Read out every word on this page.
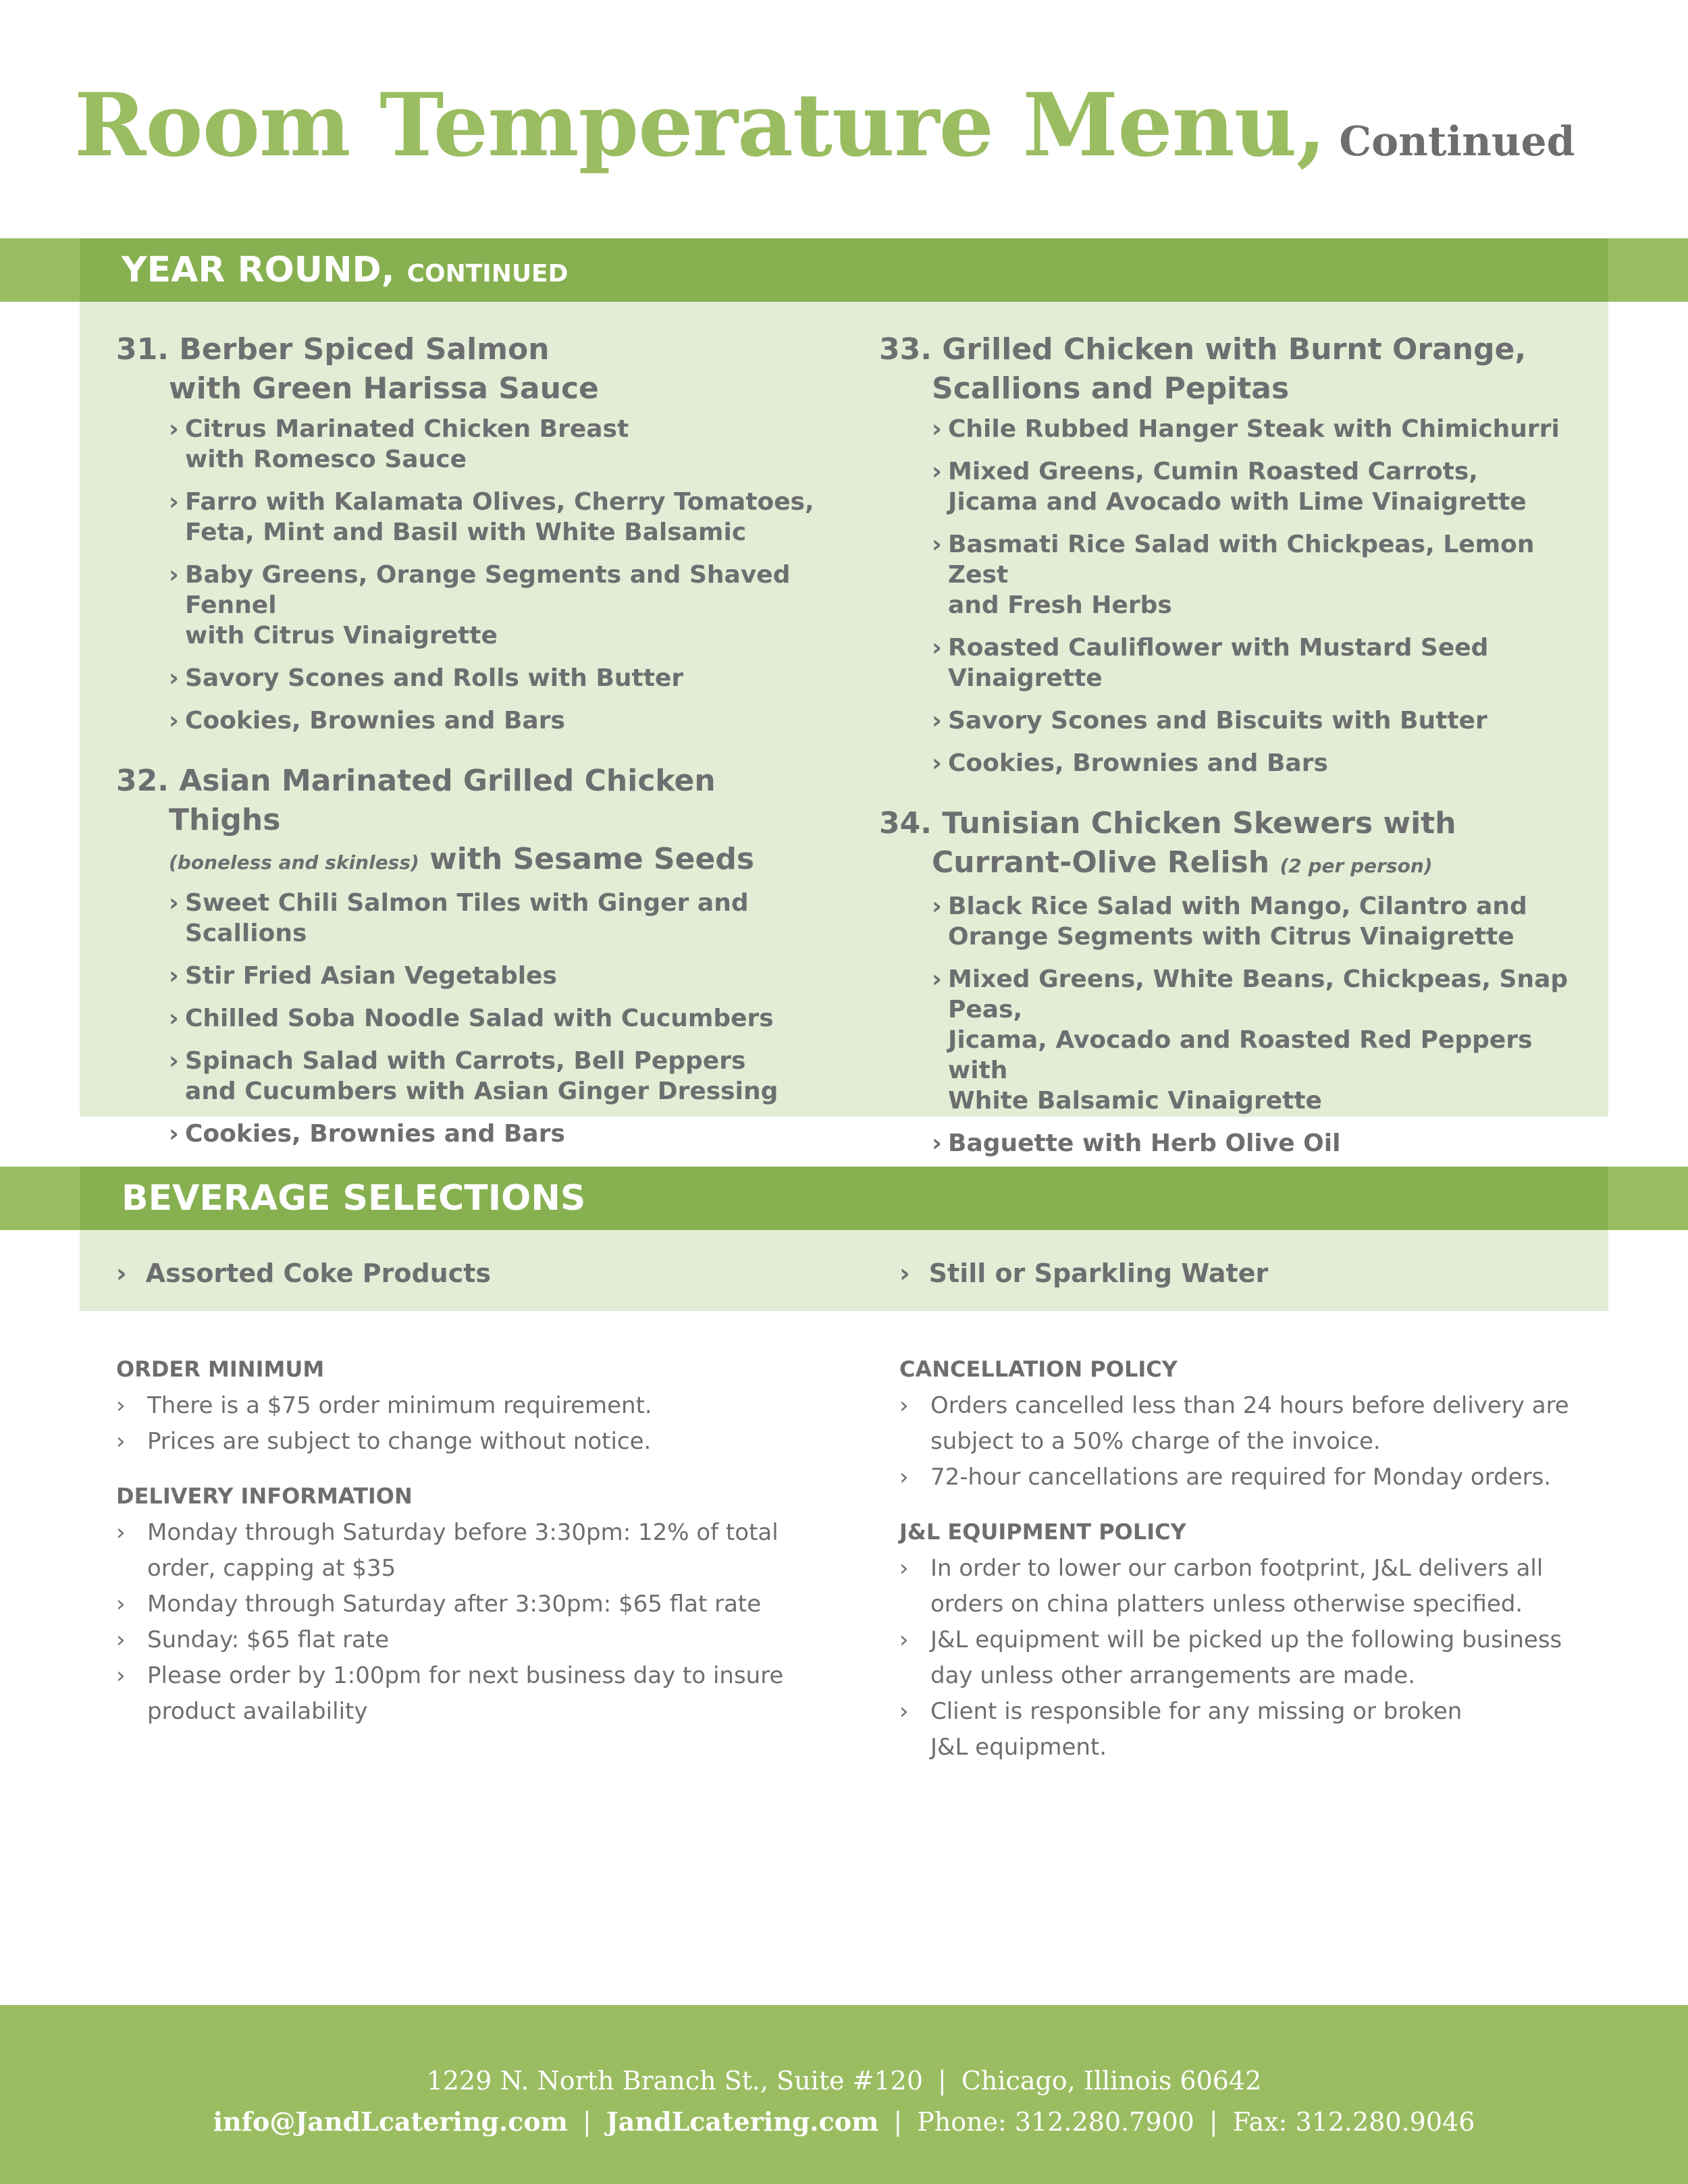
Room Temperature Menu, Continued
YEAR ROUND, CONTINUED
31. Berber Spiced Salmon
with Green Harissa Sauce
› Citrus Marinated Chicken Breast
with Romesco Sauce
› Farro with Kalamata Olives, Cherry Tomatoes,
Feta, Mint and Basil with White Balsamic
› Baby Greens, Orange Segments and Shaved Fennel
with Citrus Vinaigrette
› Savory Scones and Rolls with Butter
› Cookies, Brownies and Bars
32. Asian Marinated Grilled Chicken Thighs
(boneless and skinless) with Sesame Seeds
› Sweet Chili Salmon Tiles with Ginger and Scallions
› Stir Fried Asian Vegetables
› Chilled Soba Noodle Salad with Cucumbers
› Spinach Salad with Carrots, Bell Peppers
and Cucumbers with Asian Ginger Dressing
› Cookies, Brownies and Bars
33. Grilled Chicken with Burnt Orange,
Scallions and Pepitas
› Chile Rubbed Hanger Steak with Chimichurri
› Mixed Greens, Cumin Roasted Carrots,
Jicama and Avocado with Lime Vinaigrette
› Basmati Rice Salad with Chickpeas, Lemon Zest
and Fresh Herbs
› Roasted Cauliflower with Mustard Seed Vinaigrette
› Savory Scones and Biscuits with Butter
› Cookies, Brownies and Bars
34. Tunisian Chicken Skewers with
Currant-Olive Relish (2 per person)
› Black Rice Salad with Mango, Cilantro and
Orange Segments with Citrus Vinaigrette
› Mixed Greens, White Beans, Chickpeas, Snap Peas,
Jicama, Avocado and Roasted Red Peppers with
White Balsamic Vinaigrette
› Baguette with Herb Olive Oil
BEVERAGE SELECTIONS
› Assorted Coke Products	› Still or Sparkling Water
ORDER MINIMUM
› There is a $75 order minimum requirement.
› Prices are subject to change without notice.
DELIVERY INFORMATION
› Monday through Saturday before 3:30pm: 12% of total
order, capping at $35
› Monday through Saturday after 3:30pm: $65 flat rate
› Sunday: $65 flat rate
› Please order by 1:00pm for next business day to insure
product availability
CANCELLATION POLICY
› Orders cancelled less than 24 hours before delivery are
subject to a 50% charge of the invoice.
› 72-hour cancellations are required for Monday orders.
J&L EQUIPMENT POLICY
› In order to lower our carbon footprint, J&L delivers all
orders on china platters unless otherwise specified.
› J&L equipment will be picked up the following business
day unless other arrangements are made.
› Client is responsible for any missing or broken
J&L equipment.
1229 N. North Branch St., Suite #120 | Chicago, Illinois 60642
info@JandLcatering.com | JandLcatering.com | Phone: 312.280.7900 | Fax: 312.280.9046
